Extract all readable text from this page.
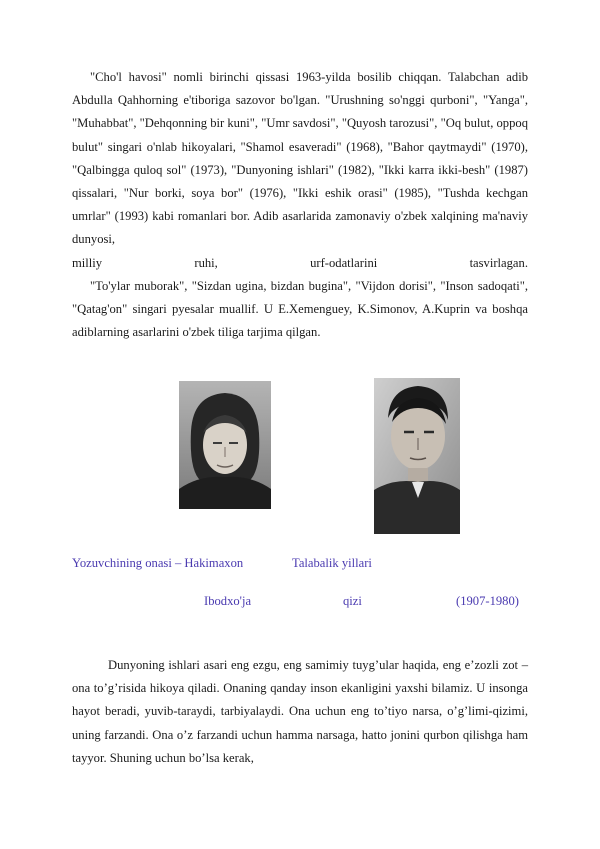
"Cho'l havosi" nomli birinchi qissasi 1963-yilda bosilib chiqqan. Talabchan adib Abdulla Qahhorning e'tiboriga sazovor bo'lgan. "Urushning so'nggi qurboni", "Yanga", "Muhabbat", "Dehqonning bir kuni", "Umr savdosi", "Quyosh tarozusi", "Oq bulut, oppoq bulut" singari o'nlab hikoyalari, "Shamol esaveradi" (1968), "Bahor qaytmaydi" (1970), "Qalbingga quloq sol" (1973), "Dunyoning ishlari" (1982), "Ikki karra ikki-besh" (1987) qissalari, "Nur borki, soya bor" (1976), "Ikki eshik orasi" (1985), "Tushda kechgan umrlar" (1993) kabi romanlari bor. Adib asarlarida zamonaviy o'zbek xalqining ma'naviy dunyosi,
milliy	ruhi,	urf-odatlarini	tasvirlagan.

"To'ylar muborak", "Sizdan ugina, bizdan bugina", "Vijdon dorisi", "Inson sadoqati", "Qatag'on" singari pyesalar muallif. U E.Xemenguey, K.Simonov, A.Kuprin va boshqa adiblarning asarlarini o'zbek tiligа tarjima qilgan.

Yozuvchining onasi – Hakimaxon	Talabalik yillari
Ibodxo'ja	qizi	(1907-1980)

Dunyoning ishlari asari eng ezgu, eng samimiy tuyg’ular haqida, eng e’zozli zot – ona to’g’risida hikoya qiladi. Onaning qanday inson ekanligini yaxshi bilamiz. U insonga hayot beradi, yuvib-taraydi, tarbiyalaydi. Ona uchun eng to’tiyo narsa, o’g’limi-qizimi, uning farzandi. Ona o’z farzandi uchun hamma narsaga, hatto jonini qurbon qilishga ham tayyor. Shuning uchun bo’lsa kerak,
